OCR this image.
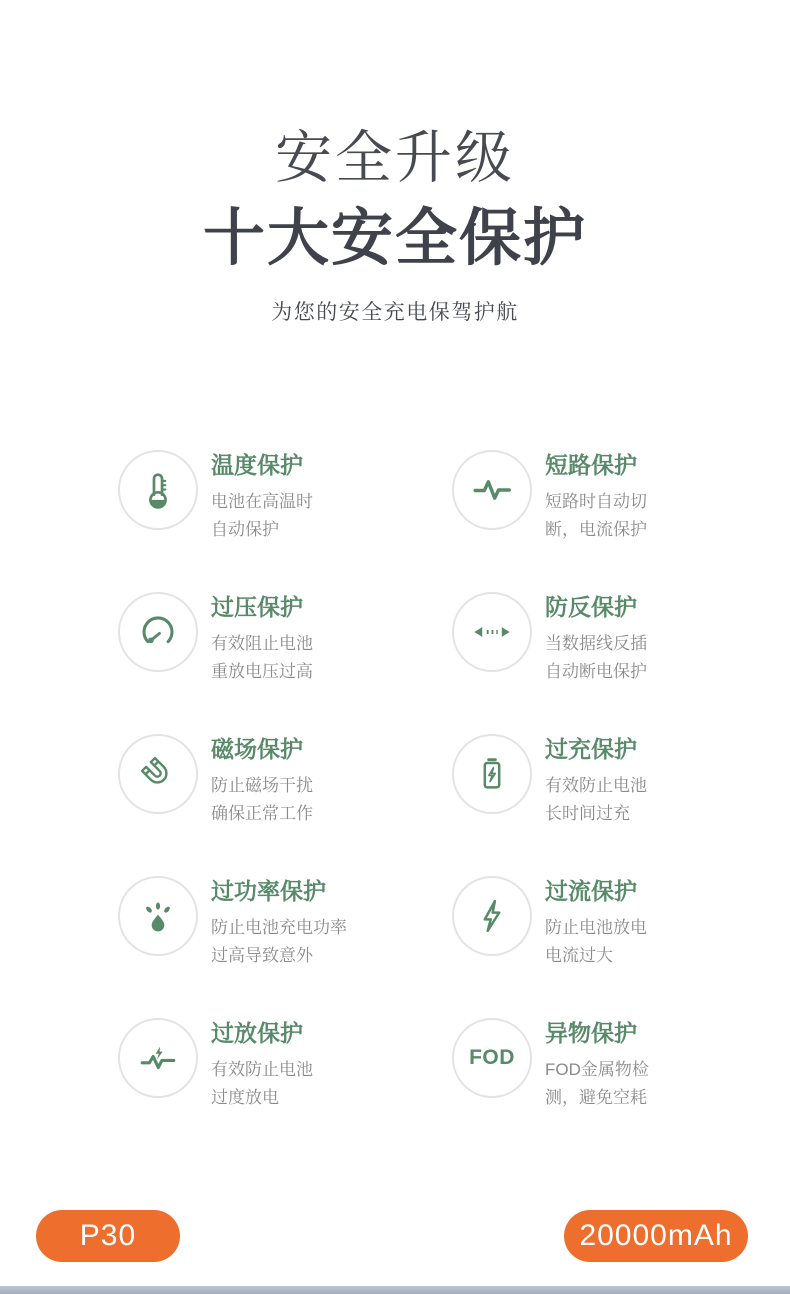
安全升级
十大安全保护
为您的安全充电保驾护航
温度保护
电池在高温时
自动保护
短路保护
短路时自动切
断，电流保护
过压保护
有效阻止电池
重放电压过高
防反保护
当数据线反插
自动断电保护
磁场保护
防止磁场干扰
确保正常工作
过充保护
有效防止电池
长时间过充
过功率保护
防止电池充电功率
过高导致意外
过流保护
防止电池放电
电流过大
过放保护
有效防止电池
过度放电
FOD
异物保护
FOD金属物检
测，避免空耗
P30	20000mAh
